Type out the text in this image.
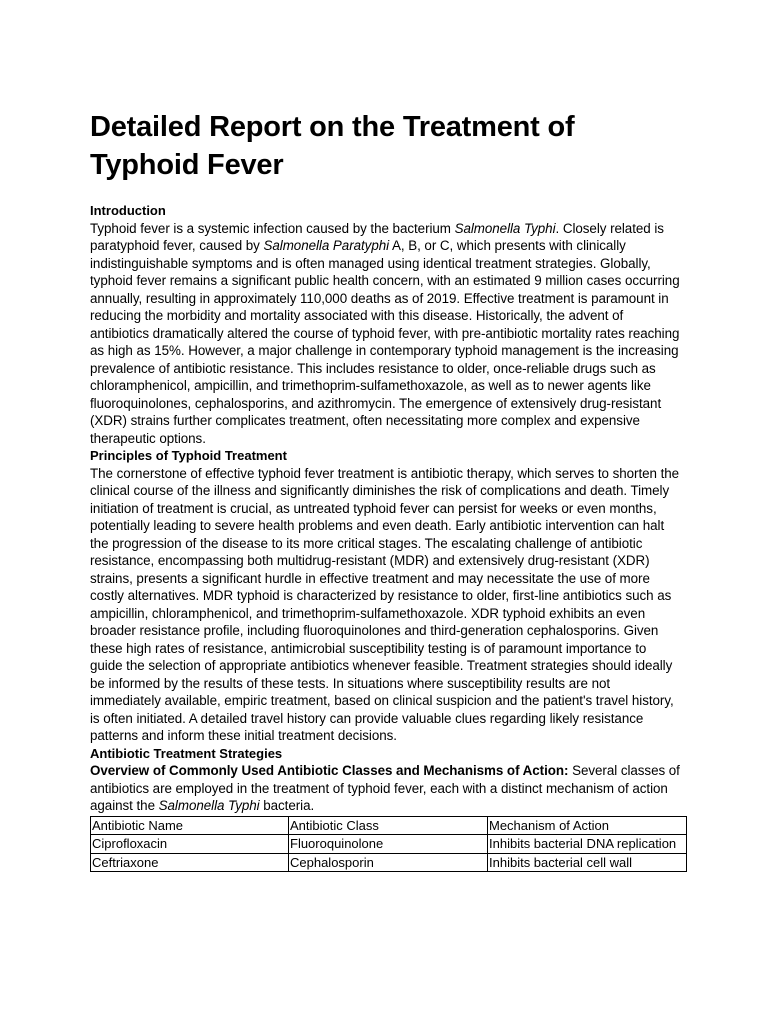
Detailed Report on the Treatment of Typhoid Fever
Introduction

Typhoid fever is a systemic infection caused by the bacterium Salmonella Typhi. Closely related is paratyphoid fever, caused by Salmonella Paratyphi A, B, or C, which presents with clinically indistinguishable symptoms and is often managed using identical treatment strategies. Globally, typhoid fever remains a significant public health concern, with an estimated 9 million cases occurring annually, resulting in approximately 110,000 deaths as of 2019. Effective treatment is paramount in reducing the morbidity and mortality associated with this disease. Historically, the advent of antibiotics dramatically altered the course of typhoid fever, with pre-antibiotic mortality rates reaching as high as 15%. However, a major challenge in contemporary typhoid management is the increasing prevalence of antibiotic resistance. This includes resistance to older, once-reliable drugs such as chloramphenicol, ampicillin, and trimethoprim-sulfamethoxazole, as well as to newer agents like fluoroquinolones, cephalosporins, and azithromycin. The emergence of extensively drug-resistant (XDR) strains further complicates treatment, often necessitating more complex and expensive therapeutic options.

Principles of Typhoid Treatment

The cornerstone of effective typhoid fever treatment is antibiotic therapy, which serves to shorten the clinical course of the illness and significantly diminishes the risk of complications and death. Timely initiation of treatment is crucial, as untreated typhoid fever can persist for weeks or even months, potentially leading to severe health problems and even death. Early antibiotic intervention can halt the progression of the disease to its more critical stages. The escalating challenge of antibiotic resistance, encompassing both multidrug-resistant (MDR) and extensively drug-resistant (XDR) strains, presents a significant hurdle in effective treatment and may necessitate the use of more costly alternatives. MDR typhoid is characterized by resistance to older, first-line antibiotics such as ampicillin, chloramphenicol, and trimethoprim-sulfamethoxazole. XDR typhoid exhibits an even broader resistance profile, including fluoroquinolones and third-generation cephalosporins. Given these high rates of resistance, antimicrobial susceptibility testing is of paramount importance to guide the selection of appropriate antibiotics whenever feasible. Treatment strategies should ideally be informed by the results of these tests. In situations where susceptibility results are not immediately available, empiric treatment, based on clinical suspicion and the patient's travel history, is often initiated. A detailed travel history can provide valuable clues regarding likely resistance patterns and inform these initial treatment decisions.

Antibiotic Treatment Strategies

Overview of Commonly Used Antibiotic Classes and Mechanisms of Action: Several classes of antibiotics are employed in the treatment of typhoid fever, each with a distinct mechanism of action against the Salmonella Typhi bacteria.

Antibiotic Name	Antibiotic Class	Mechanism of Action
Ciprofloxacin	Fluoroquinolone	Inhibits bacterial DNA replication
Ceftriaxone	Cephalosporin	Inhibits bacterial cell wall
